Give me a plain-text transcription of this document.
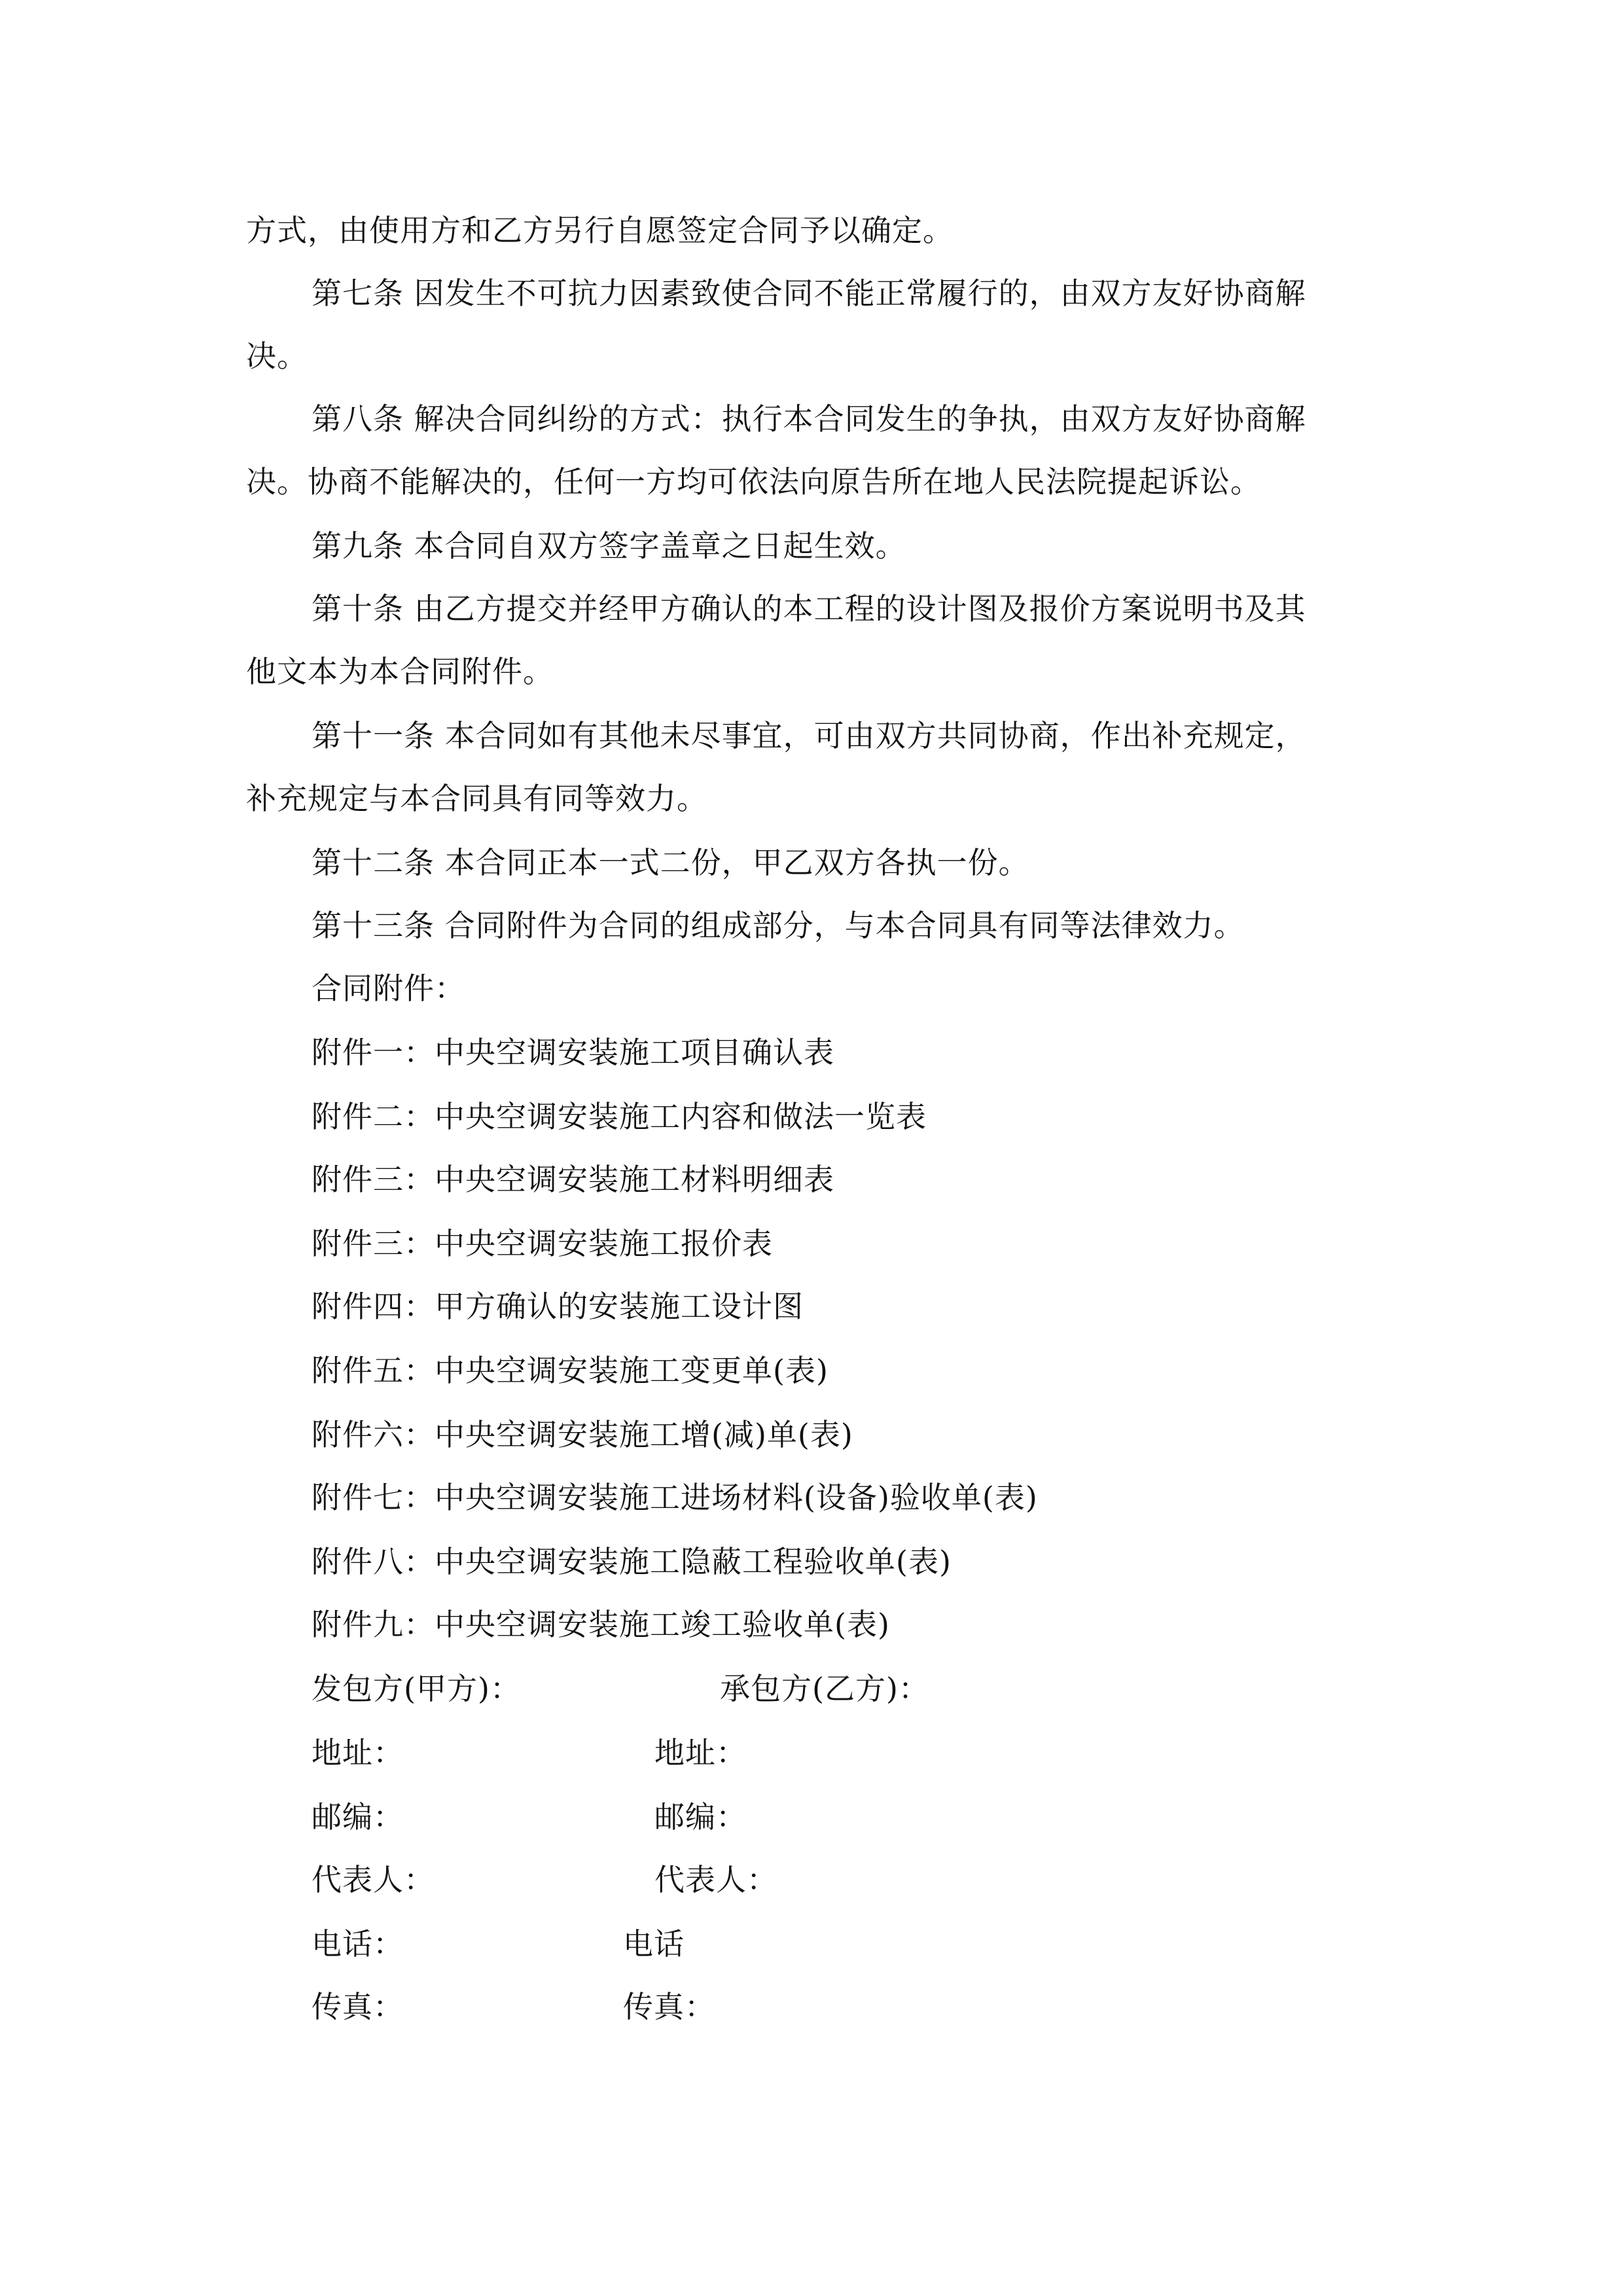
方式，由使用方和乙方另行自愿签定合同予以确定。
第七条 因发生不可抗力因素致使合同不能正常履行的，由双方友好协商解
决。
第八条 解决合同纠纷的方式：执行本合同发生的争执，由双方友好协商解
决。协商不能解决的，任何一方均可依法向原告所在地人民法院提起诉讼。
第九条 本合同自双方签字盖章之日起生效。
第十条 由乙方提交并经甲方确认的本工程的设计图及报价方案说明书及其
他文本为本合同附件。
第十一条 本合同如有其他未尽事宜，可由双方共同协商，作出补充规定，
补充规定与本合同具有同等效力。
第十二条 本合同正本一式二份，甲乙双方各执一份。
第十三条 合同附件为合同的组成部分，与本合同具有同等法律效力。
合同附件：
附件一：中央空调安装施工项目确认表
附件二：中央空调安装施工内容和做法一览表
附件三：中央空调安装施工材料明细表
附件三：中央空调安装施工报价表
附件四：甲方确认的安装施工设计图
附件五：中央空调安装施工变更单(表)
附件六：中央空调安装施工增(减)单(表)
附件七：中央空调安装施工进场材料(设备)验收单(表)
附件八：中央空调安装施工隐蔽工程验收单(表)
附件九：中央空调安装施工竣工验收单(表)
发包方(甲方)：	承包方(乙方)：
地址：	地址：
邮编：	邮编：
代表人：	代表人：
电话：	电话
传真：	传真：
